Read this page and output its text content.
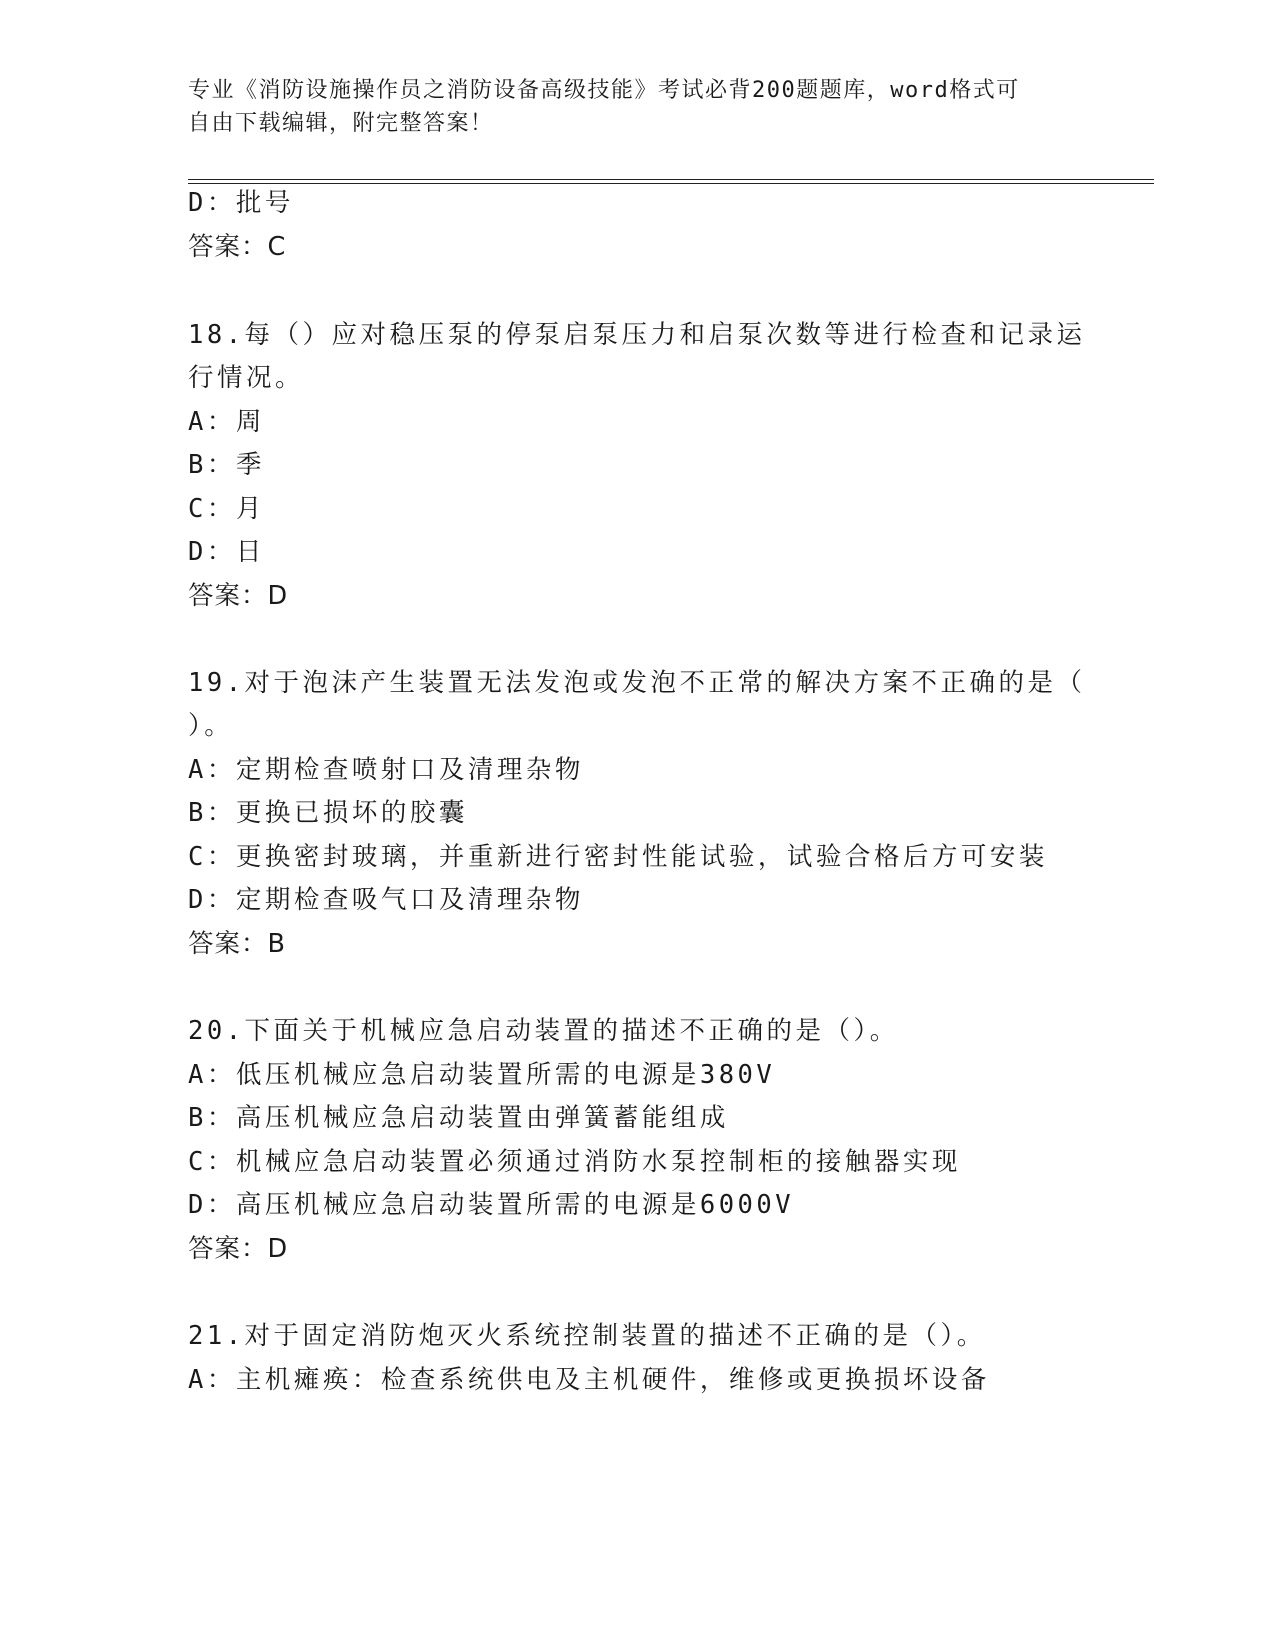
专业《消防设施操作员之消防设备高级技能》考试必背200题题库，word格式可
自由下载编辑，附完整答案！
D：批号
答案：C
18.每（）应对稳压泵的停泵启泵压力和启泵次数等进行检查和记录运
行情况。
A：周
B：季
C：月
D：日
答案：D
19.对于泡沫产生装置无法发泡或发泡不正常的解决方案不正确的是（
）。
A：定期检查喷射口及清理杂物
B：更换已损坏的胶囊
C：更换密封玻璃，并重新进行密封性能试验，试验合格后方可安装
D：定期检查吸气口及清理杂物
答案：B
20.下面关于机械应急启动装置的描述不正确的是（）。
A：低压机械应急启动装置所需的电源是380V
B：高压机械应急启动装置由弹簧蓄能组成
C：机械应急启动装置必须通过消防水泵控制柜的接触器实现
D：高压机械应急启动装置所需的电源是6000V
答案：D
21.对于固定消防炮灭火系统控制装置的描述不正确的是（）。
A：主机瘫痪：检查系统供电及主机硬件，维修或更换损坏设备
